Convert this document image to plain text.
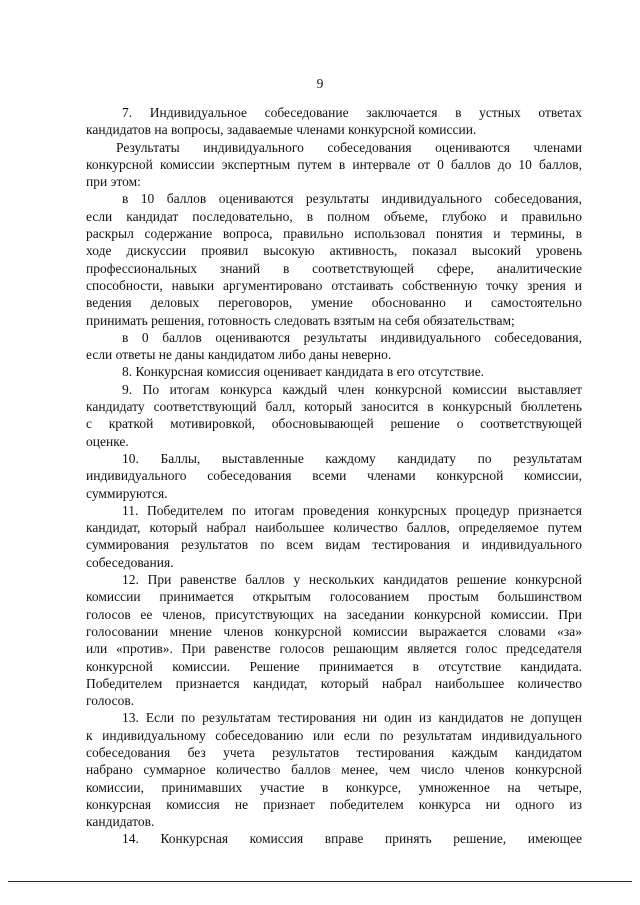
9
7. Индивидуальное собеседование заключается в устных ответах
кандидатов на вопросы, задаваемые членами конкурсной комиссии.
Результаты индивидуального собеседования оцениваются членами
конкурсной комиссии экспертным путем в интервале от 0 баллов до 10 баллов,
при этом:
в 10 баллов оцениваются результаты индивидуального собеседования,
если кандидат последовательно, в полном объеме, глубоко и правильно
раскрыл содержание вопроса, правильно использовал понятия и термины, в
ходе дискуссии проявил высокую активность, показал высокий уровень
профессиональных знаний в соответствующей сфере, аналитические
способности, навыки аргументировано отстаивать собственную точку зрения и
ведения деловых переговоров, умение обоснованно и самостоятельно
принимать решения, готовность следовать взятым на себя обязательствам;
в 0 баллов оцениваются результаты индивидуального собеседования,
если ответы не даны кандидатом либо даны неверно.
8. Конкурсная комиссия оценивает кандидата в его отсутствие.
9. По итогам конкурса каждый член конкурсной комиссии выставляет
кандидату соответствующий балл, который заносится в конкурсный бюллетень
с краткой мотивировкой, обосновывающей решение о соответствующей
оценке.
10. Баллы, выставленные каждому кандидату по результатам
индивидуального собеседования всеми членами конкурсной комиссии,
суммируются.
11. Победителем по итогам проведения конкурсных процедур признается
кандидат, который набрал наибольшее количество баллов, определяемое путем
суммирования результатов по всем видам тестирования и индивидуального
собеседования.
12. При равенстве баллов у нескольких кандидатов решение конкурсной
комиссии принимается открытым голосованием простым большинством
голосов ее членов, присутствующих на заседании конкурсной комиссии. При
голосовании мнение членов конкурсной комиссии выражается словами «за»
или «против». При равенстве голосов решающим является голос председателя
конкурсной комиссии. Решение принимается в отсутствие кандидата.
Победителем признается кандидат, который набрал наибольшее количество
голосов.
13. Если по результатам тестирования ни один из кандидатов не допущен
к индивидуальному собеседованию или если по результатам индивидуального
собеседования без учета результатов тестирования каждым кандидатом
набрано суммарное количество баллов менее, чем число членов конкурсной
комиссии, принимавших участие в конкурсе, умноженное на четыре,
конкурсная комиссия не признает победителем конкурса ни одного из
кандидатов.
14. Конкурсная комиссия вправе принять решение, имеющее
